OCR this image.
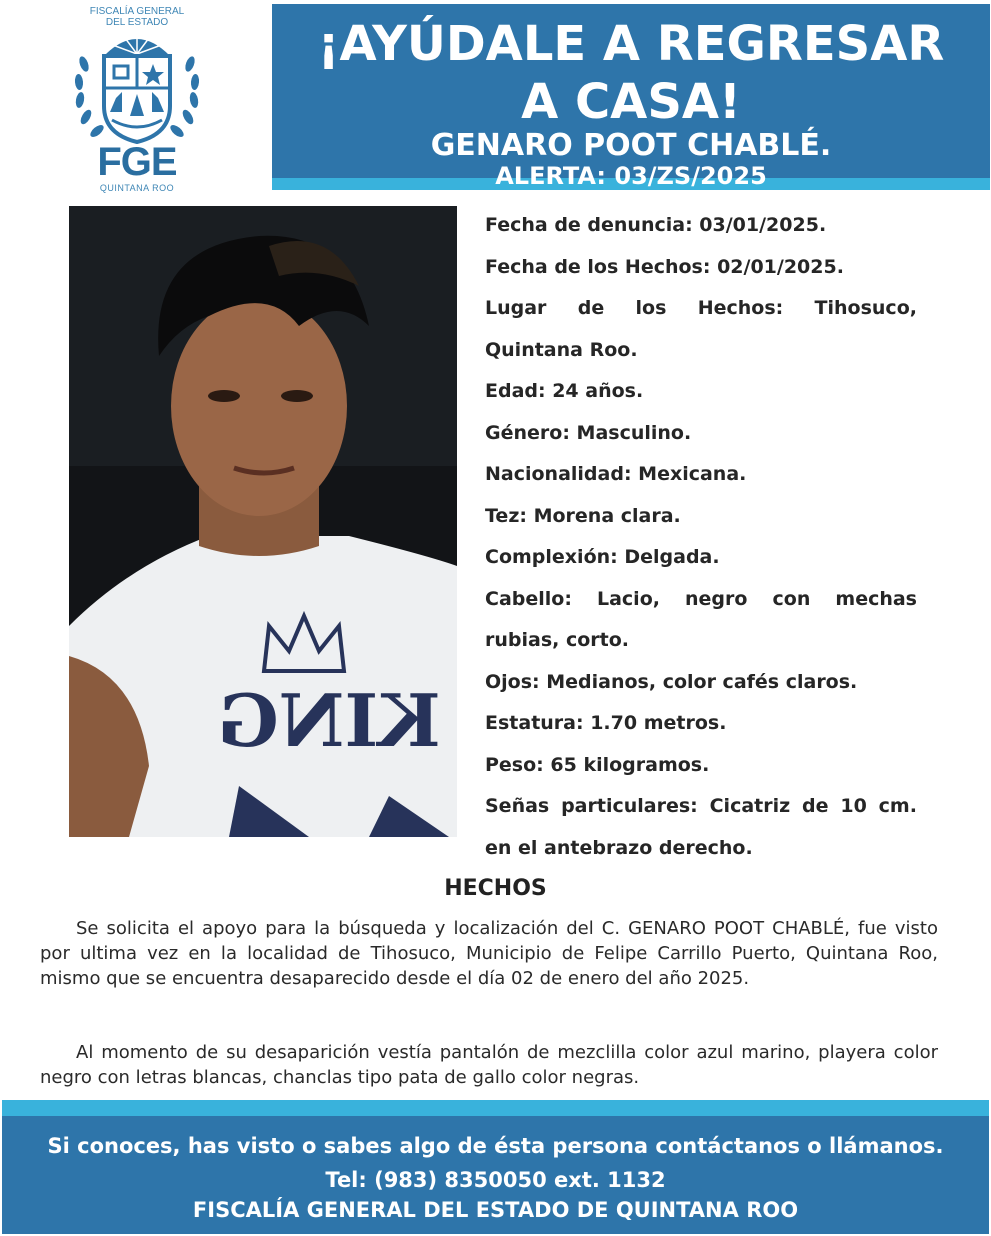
FISCALÍA GENERAL
DEL ESTADO
FGE
QUINTANA ROO
¡AYÚDALE A REGRESAR
A CASA!
GENARO POOT CHABLÉ.
ALERTA: 03/ZS/2025
KING
Fecha de denuncia: 03/01/2025.
Fecha de los Hechos: 02/01/2025.
Lugar de los Hechos: Tihosuco,
Quintana Roo.
Edad: 24 años.
Género: Masculino.
Nacionalidad: Mexicana.
Tez: Morena clara.
Complexión: Delgada.
Cabello: Lacio, negro con mechas
rubias, corto.
Ojos: Medianos, color cafés claros.
Estatura: 1.70 metros.
Peso: 65 kilogramos.
Señas particulares: Cicatriz de 10 cm.
en el antebrazo derecho.
HECHOS
Se solicita el apoyo para la búsqueda y localización del C. GENARO POOT CHABLÉ, fue visto por ultima vez en la localidad de Tihosuco, Municipio de Felipe Carrillo Puerto, Quintana Roo, mismo que se encuentra desaparecido desde el día 02 de enero del año 2025.
Al momento de su desaparición vestía pantalón de mezclilla color azul marino, playera color negro con letras blancas, chanclas tipo pata de gallo color negras.
Si conoces, has visto o sabes algo de ésta persona contáctanos o llámanos.
Tel: (983) 8350050 ext. 1132
FISCALÍA GENERAL DEL ESTADO DE QUINTANA ROO
